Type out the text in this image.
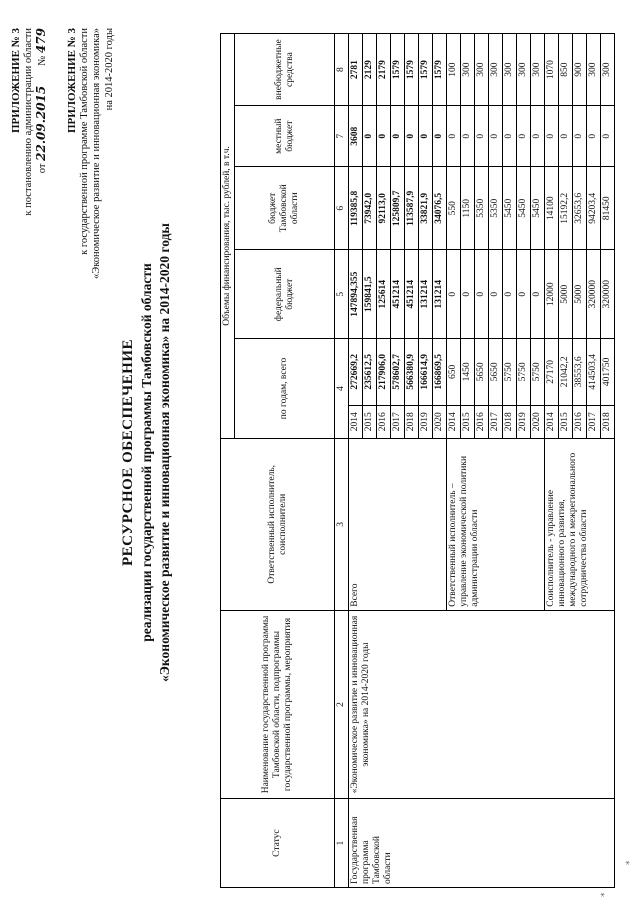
*
*
ПРИЛОЖЕНИЕ № 3 к постановлению администрации области от 22.09.2015
№ 479 ПРИЛОЖЕНИЕ № 3 к государственной программе Тамбовской области «Экономическое развитие и инновационная экономика» на 2014-2020 годы
РЕСУРСНОЕ ОБЕСПЕЧЕНИЕ реализации государственной программы Тамбовской области «Экономическое развитие и инновационная экономика» на 2014-2020 годы
Статус	Наименование государственной программы Тамбовской области, подпрограммы государственной программы, мероприятия	Ответственный исполнитель, соисполнители	Объемы финансирования, тыс. рублей, в т.ч.					
			по годам, всего		федеральный бюджет	бюджет Тамбовской области	местный бюджет	внебюджетные средства
1	2	3	4		5	6	7	8
Государственная программа Тамбовской области	«Экономическое развитие и инновационная экономика» на 2014-2020 годы	Всего	2014	272669,2	147894,355	119385,8	3608	2781
			2015	235612,5	159841,5	73942,0	0	2129
			2016	217906,0	125614	92113,0	0	2179
			2017	578602,7	451214	125809,7	0	1579
			2018	566380,9	451214	113587,9	0	1579
			2019	166614,9	131214	33821,9	0	1579
			2020	166869,5	131214	34076,5	0	1579
		Ответственный исполнитель – управление экономической политики администрации области	2014	650	0	550	0	100
			2015	1450	0	1150	0	300
			2016	5650	0	5350	0	300
			2017	5650	0	5350	0	300
			2018	5750	0	5450	0	300
			2019	5750	0	5450	0	300
			2020	5750	0	5450	0	300
		Соисполнитель - управление инновационного развития, международного и межрегионального сотрудничества области	2014	27170	12000	14100	0	1070
			2015	21042,2	5000	15192,2	0	850
			2016	38553,6	5000	32653,6	0	900
			2017	414503,4	320000	94203,4	0	300
			2018	401750	320000	81450	0	300
